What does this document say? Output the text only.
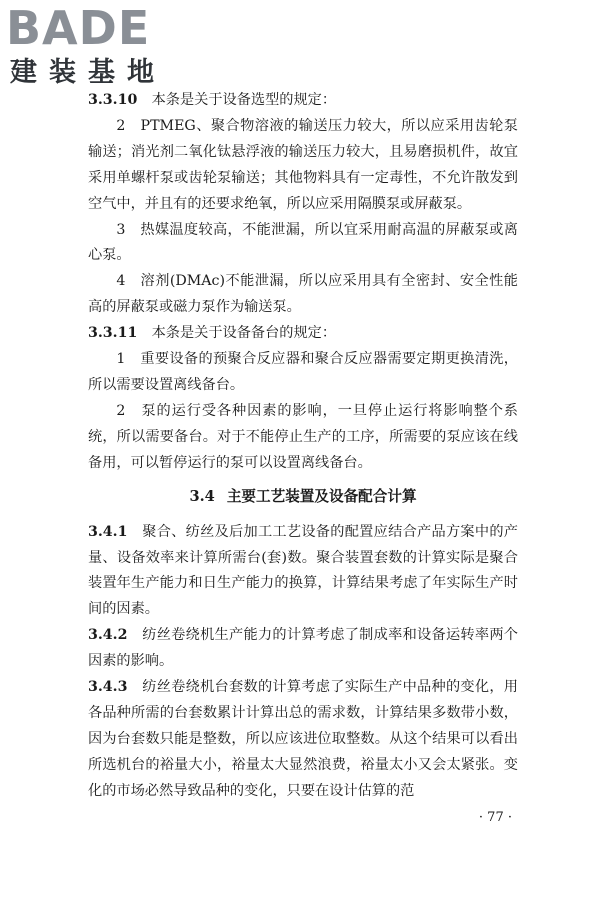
BADE
建装基地

3.3.10　 本条是关于设备选型的规定：

2　 PTMEG、聚合物溶液的输送压力较大，所以应采用齿轮泵输送；消光剂二氧化钛悬浮液的输送压力较大，且易磨损机件，故宜采用单螺杆泵或齿轮泵输送；其他物料具有一定毒性，不允许散发到空气中，并且有的还要求绝氧，所以应采用隔膜泵或屏蔽泵。

3　 热媒温度较高，不能泄漏，所以宜采用耐高温的屏蔽泵或离心泵。

4　 溶剂(DMAc)不能泄漏，所以应采用具有全密封、安全性能高的屏蔽泵或磁力泵作为输送泵。

3.3.11　 本条是关于设备备台的规定：

1　 重要设备的预聚合反应器和聚合反应器需要定期更换清洗，所以需要设置离线备台。

2　 泵的运行受各种因素的影响，一旦停止运行将影响整个系统，所以需要备台。对于不能停止生产的工序，所需要的泵应该在线备用，可以暂停运行的泵可以设置离线备台。

3.4 主要工艺装置及设备配合计算

3.4.1　 聚合、纺丝及后加工工艺设备的配置应结合产品方案中的产量、设备效率来计算所需台(套)数。聚合装置套数的计算实际是聚合装置年生产能力和日生产能力的换算，计算结果考虑了年实际生产时间的因素。

3.4.2　 纺丝卷绕机生产能力的计算考虑了制成率和设备运转率两个因素的影响。

3.4.3　 纺丝卷绕机台套数的计算考虑了实际生产中品种的变化，用各品种所需的台套数累计计算出总的需求数，计算结果多数带小数，因为台套数只能是整数，所以应该进位取整数。从这个结果可以看出所选机台的裕量大小，裕量太大显然浪费，裕量太小又会太紧张。变化的市场必然导致品种的变化，只要在设计估算的范

· 77 ·
